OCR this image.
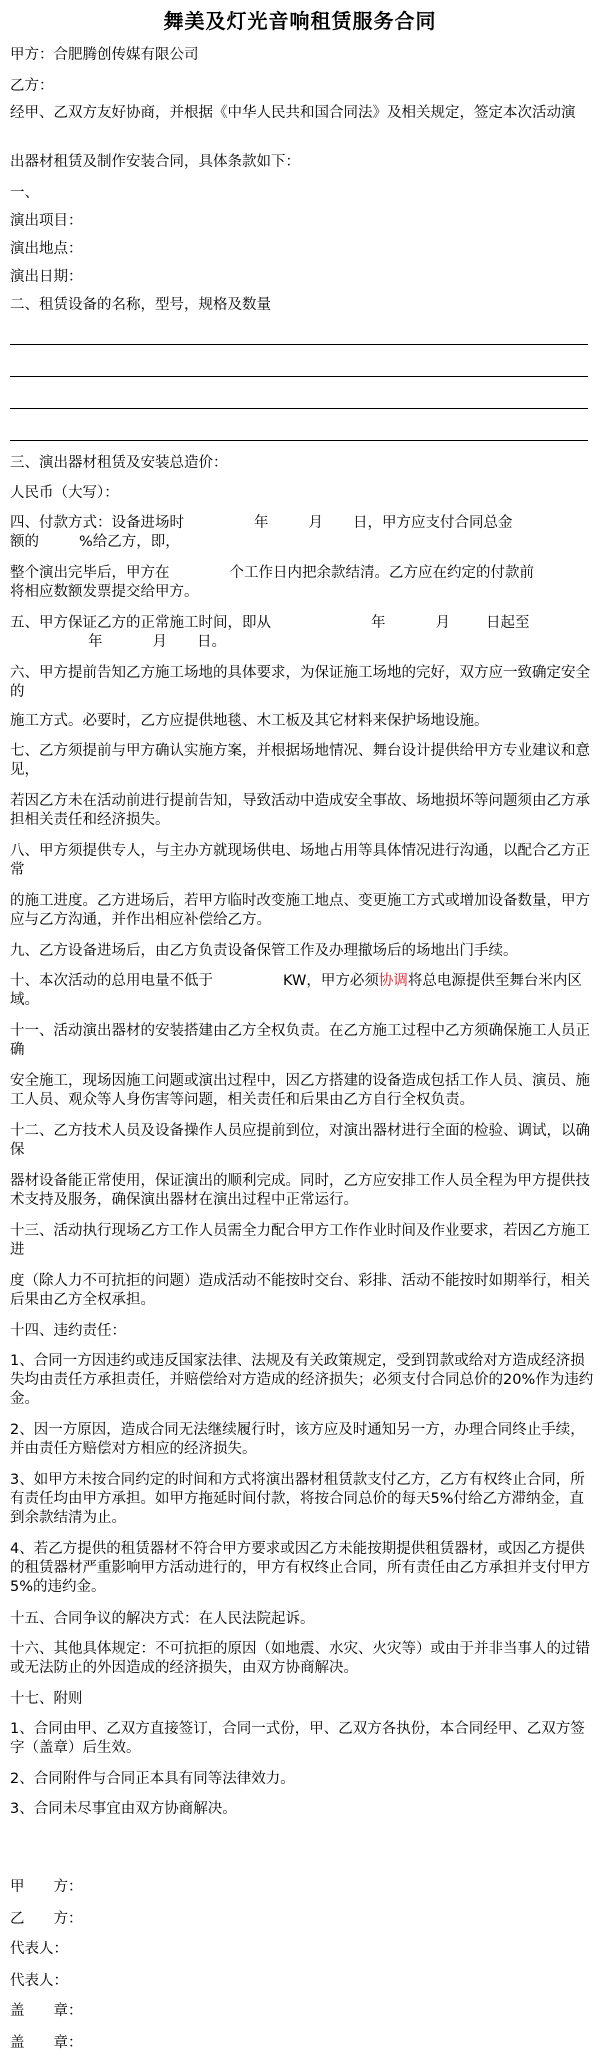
舞美及灯光音响租赁服务合同
甲方：合肥腾创传媒有限公司
乙方：
经甲、乙双方友好协商，并根据《中华人民共和国合同法》及相关规定，签定本次活动演
出器材租赁及制作安装合同，具体条款如下：
一、
演出项目：
演出地点：
演出日期：
二、租赁设备的名称，型号，规格及数量
三、演出器材租赁及安装总造价：
人民币（大写）：
四、付款方式：设备进场时	年	月 日，甲方应支付合同总金
额的	%给乙方，即，
整个演出完毕后，甲方在	个工作日内把余款结清。乙方应在约定的付款前
将相应数额发票提交给甲方。
五、甲方保证乙方的正常施工时间，即从	年	月 日起至
年	月 日。
六、甲方提前告知乙方施工场地的具体要求，为保证施工场地的完好，双方应一致确定安全的
施工方式。必要时，乙方应提供地毯、木工板及其它材料来保护场地设施。
七、乙方须提前与甲方确认实施方案，并根据场地情况、舞台设计提供给甲方专业建议和意见，
若因乙方未在活动前进行提前告知，导致活动中造成安全事故、场地损坏等问题须由乙方承担相关责任和经济损失。
八、甲方须提供专人，与主办方就现场供电、场地占用等具体情况进行沟通，以配合乙方正常
的施工进度。乙方进场后，若甲方临时改变施工地点、变更施工方式或增加设备数量，甲方应与乙方沟通，并作出相应补偿给乙方。
九、乙方设备进场后，由乙方负责设备保管工作及办理撤场后的场地出门手续。
十、本次活动的总用电量不低于	KW，甲方必须协调将总电源提供至舞台米内区域。
十一、活动演出器材的安装搭建由乙方全权负责。在乙方施工过程中乙方须确保施工人员正确
安全施工，现场因施工问题或演出过程中，因乙方搭建的设备造成包括工作人员、演员、施工人员、观众等人身伤害等问题，相关责任和后果由乙方自行全权负责。
十二、乙方技术人员及设备操作人员应提前到位，对演出器材进行全面的检验、调试，以确保
器材设备能正常使用，保证演出的顺利完成。同时，乙方应安排工作人员全程为甲方提供技术支持及服务，确保演出器材在演出过程中正常运行。
十三、活动执行现场乙方工作人员需全力配合甲方工作作业时间及作业要求，若因乙方施工进
度（除人力不可抗拒的问题）造成活动不能按时交台、彩排、活动不能按时如期举行，相关后果由乙方全权承担。
十四、违约责任：
1、合同一方因违约或违反国家法律、法规及有关政策规定，受到罚款或给对方造成经济损失均由责任方承担责任，并赔偿给对方造成的经济损失；必须支付合同总价的20%作为违约金。
2、因一方原因，造成合同无法继续履行时，该方应及时通知另一方，办理合同终止手续，并由责任方赔偿对方相应的经济损失。
3、如甲方未按合同约定的时间和方式将演出器材租赁款支付乙方，乙方有权终止合同，所有责任均由甲方承担。如甲方拖延时间付款，将按合同总价的每天5%付给乙方滞纳金，直到余款结清为止。
4、若乙方提供的租赁器材不符合甲方要求或因乙方未能按期提供租赁器材，或因乙方提供的租赁器材严重影响甲方活动进行的，甲方有权终止合同，所有责任由乙方承担并支付甲方5%的违约金。
十五、合同争议的解决方式：在人民法院起诉。
十六、其他具体规定：不可抗拒的原因（如地震、水灾、火灾等）或由于并非当事人的过错或无法防止的外因造成的经济损失，由双方协商解决。
十七、附则
1、合同由甲、乙双方直接签订，合同一式份，甲、乙双方各执份，本合同经甲、乙双方签字（盖章）后生效。
2、合同附件与合同正本具有同等法律效力。
3、合同未尽事宜由双方协商解决。
甲　　方：
乙　　方：
代表人：
代表人：
盖　　章：
盖　　章：
